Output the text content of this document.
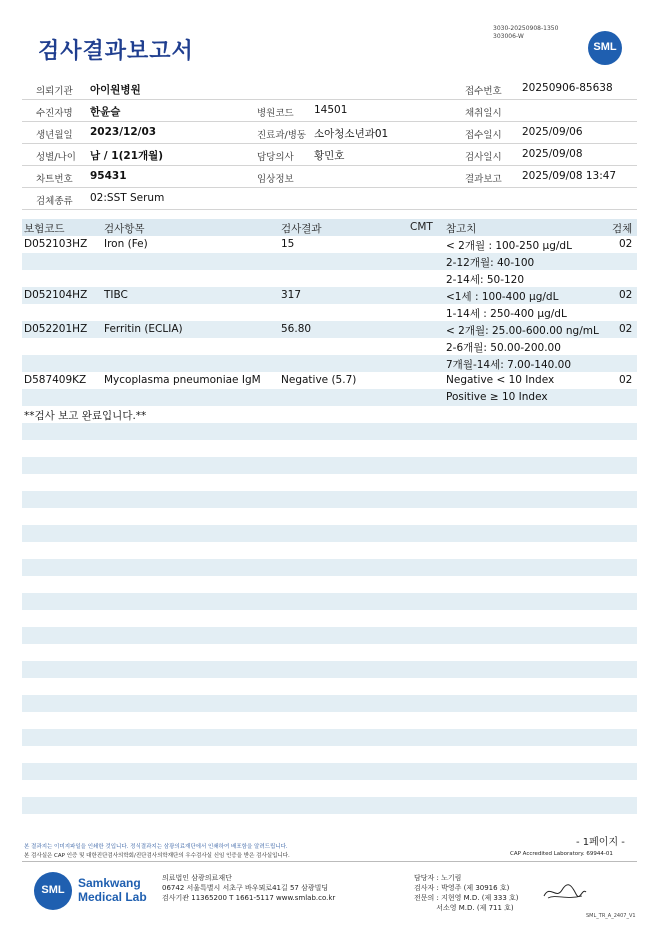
검사결과보고서
3030-20250908-1350
303006-W
SML
의뢰기관 아이원병원	접수번호 20250906-85638
수진자명 한윤슬	병원코드 14501	채취일시
생년월일 2023/12/03	진료과/병동 소아청소년과01	접수일시 2025/09/06
성별/나이 남 / 1(21개월)	담당의사 황민호	검사일시 2025/09/08
차트번호 95431	임상정보	결과보고 2025/09/08 13:47
검체종류 02:SST Serum
보험코드	검사항목	검사결과	CMT 참고치	검체
D052103HZ Iron (Fe)	15	< 2개월 : 100-250 µg/dL	02
2-12개월: 40-100
2-14세: 50-120
D052104HZ TIBC	317	<1세 : 100-400 µg/dL	02
1-14세 : 250-400 µg/dL
D052201HZ Ferritin (ECLIA)	56.80	< 2개월: 25.00-600.00 ng/mL 02
2-6개월: 50.00-200.00
7개월-14세: 7.00-140.00
D587409KZ Mycoplasma pneumoniae IgM Negative (5.7)	Negative < 10 Index	02
Positive ≥ 10 Index
**검사 보고 완료입니다.**
- 1페이지 -
본 결과지는 이미지파일을 인쇄한 것입니다. 정식결과지는 삼광의료재단에서 인쇄하여 배포함을 알려드립니다.
본 검사실은 CAP 인증 및 대한진단검사의학회/진단검사의학재단의 우수검사실 신임 인증을 받은 검사실입니다.	CAP Accredited Laboratory. 69944-01
SML	Samkwang
Medical Lab
의료법인 삼광의료재단
06742 서울특별시 서초구 바우뫼로41길 57 삼광빌딩
검사기관 11365200 T 1661-5117 www.smlab.co.kr
담당자 : 노기림
검사자 : 박영주 (제 30916 호)
전문의 : 지현영 M.D. (제 333 호)
서소영 M.D. (제 711 호)
SML_TR_A_2407_V1
